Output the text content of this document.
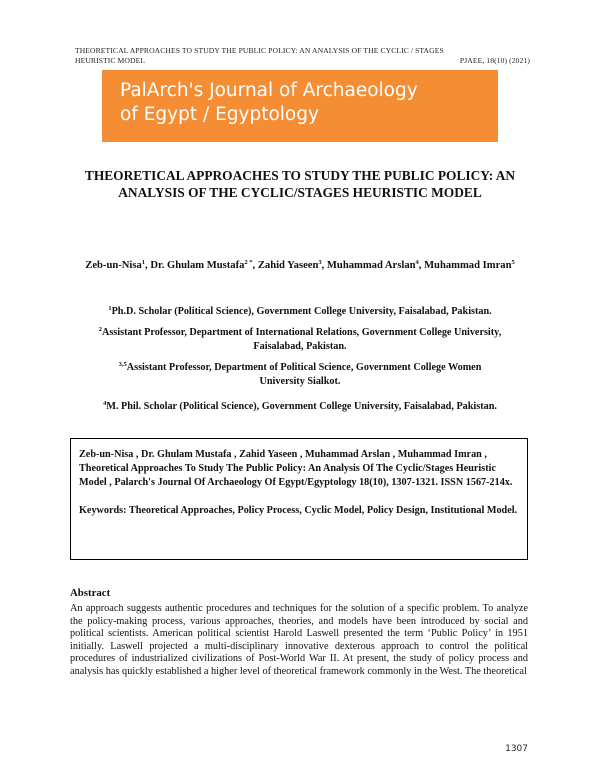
THEORETICAL APPROACHES TO STUDY THE PUBLIC POLICY: AN ANALYSIS OF THE CYCLIC / STAGES
HEURISTIC MODEL	PJAEE, 18(10) (2021)
PalArch's Journal of Archaeology
of Egypt / Egyptology
THEORETICAL APPROACHES TO STUDY THE PUBLIC POLICY: AN
ANALYSIS OF THE CYCLIC/STAGES HEURISTIC MODEL
Zeb-un-Nisa$^1$, Dr. Ghulam Mustafa$^{2 *}$, Zahid Yaseen$^3$, Muhammad Arslan$^4$, Muhammad Imran$^5$
$^1$Ph.D. Scholar (Political Science), Government College University, Faisalabad, Pakistan.
$^2$Assistant Professor, Department of International Relations, Government College University, Faisalabad, Pakistan.
$^{3,5}$Assistant Professor, Department of Political Science, Government College Women University Sialkot.
$^4$M. Phil. Scholar (Political Science), Government College University, Faisalabad, Pakistan.

Zeb-un-Nisa , Dr. Ghulam Mustafa , Zahid Yaseen , Muhammad Arslan , Muhammad Imran , Theoretical Approaches To Study The Public Policy: An Analysis Of The Cyclic/Stages Heuristic Model , Palarch's Journal Of Archaeology Of Egypt/Egyptology 18(10), 1307-1321. ISSN 1567-214x.

Keywords: Theoretical Approaches, Policy Process, Cyclic Model, Policy Design, Institutional Model.

Abstract
An approach suggests authentic procedures and techniques for the solution of a specific problem. To analyze the policy-making process, various approaches, theories, and models have been introduced by social and political scientists. American political scientist Harold Laswell presented the term ‘Public Policy’ in 1951 initially. Laswell projected a multi-disciplinary innovative dexterous approach to control the political procedures of industrialized civilizations of Post-World War II. At present, the study of policy process and analysis has quickly established a higher level of theoretical framework commonly in the West. The theoretical
1307
